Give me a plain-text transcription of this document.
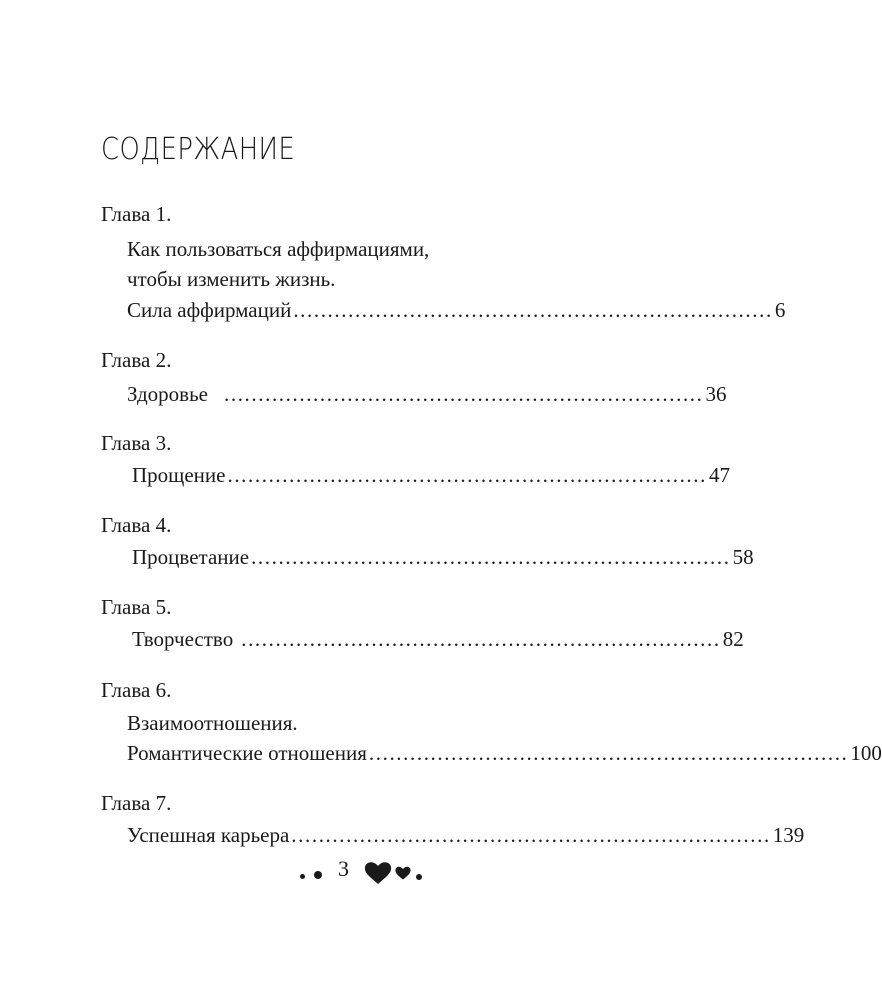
СОДЕРЖАНИЕ
Глава 1.
Как пользоваться аффирмациями,
чтобы изменить жизнь.
Сила аффирмаций ...................................................................... 6
Глава 2.
Здоровье ...................................................................... 36
Глава 3.
Прощение ...................................................................... 47
Глава 4.
Процветание ...................................................................... 58
Глава 5.
Творчество ...................................................................... 82
Глава 6.
Взаимоотношения.
Романтические отношения ...................................................................... 100
Глава 7.
Успешная карьера ...................................................................... 139
3
